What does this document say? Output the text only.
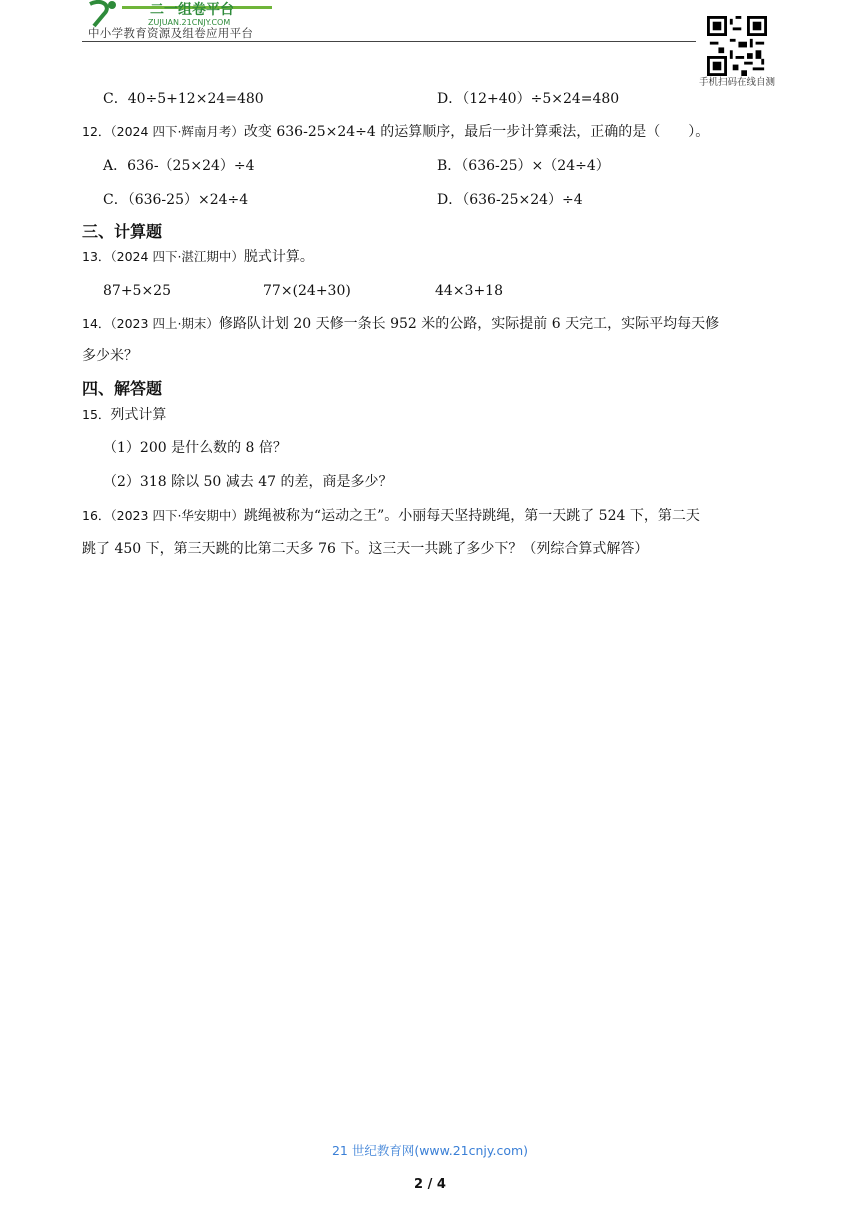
二一组卷平台
ZUJUAN.21CNJY.COM
中小学教育资源及组卷应用平台
手机扫码在线自测
C．40÷5+12×24=480	D．（12+40）÷5×24=480
12．（2024 四下·辉南月考）改变 636-25×24÷4 的运算顺序，最后一步计算乘法，正确的是（　　）。
A．636-（25×24）÷4	B．（636-25）×（24÷4）
C．（636-25）×24÷4	D．（636-25×24）÷4
三、计算题
13．（2024 四下·湛江期中）脱式计算。
87+5×25	77×(24+30)	44×3+18
14．（2023 四上·期末）修路队计划 20 天修一条长 952 米的公路，实际提前 6 天完工，实际平均每天修
多少米？
四、解答题
15．列式计算
（1）200 是什么数的 8 倍？
（2）318 除以 50 减去 47 的差，商是多少？
16．（2023 四下·华安期中）跳绳被称为“运动之王”。小丽每天坚持跳绳，第一天跳了 524 下，第二天
跳了 450 下，第三天跳的比第二天多 76 下。这三天一共跳了多少下？（列综合算式解答）
21 世纪教育网(www.21cnjy.com)
2 / 4
